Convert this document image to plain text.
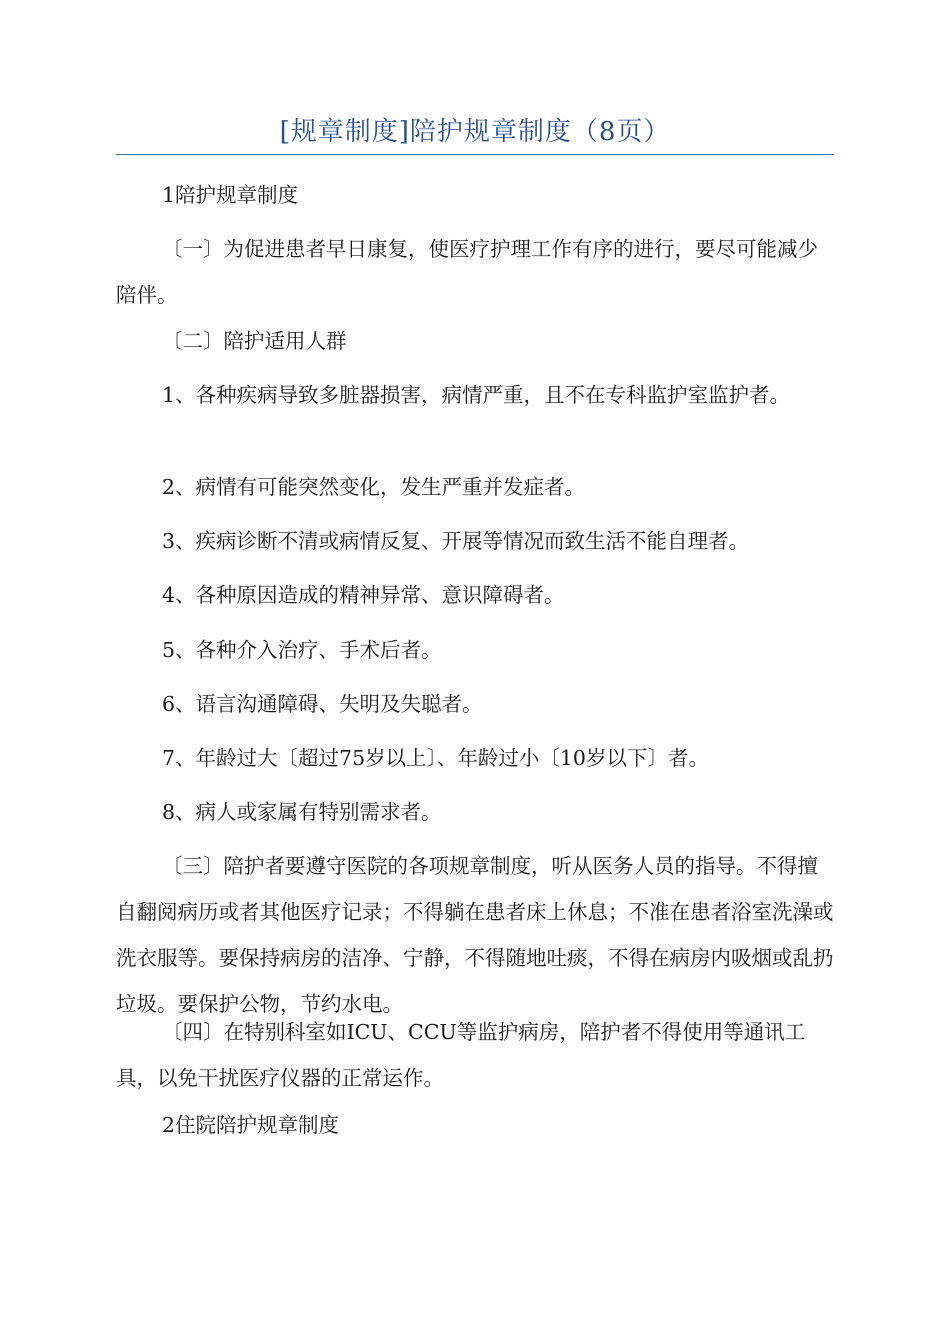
[规章制度]陪护规章制度（8页）

1陪护规章制度

〔一〕为促进患者早日康复，使医疗护理工作有序的进行，要尽可能减少陪伴。

〔二〕陪护适用人群

1、各种疾病导致多脏器损害，病情严重，且不在专科监护室监护者。

2、病情有可能突然变化，发生严重并发症者。

3、疾病诊断不清或病情反复、开展等情况而致生活不能自理者。

4、各种原因造成的精神异常、意识障碍者。

5、各种介入治疗、手术后者。

6、语言沟通障碍、失明及失聪者。

7、年龄过大〔超过75岁以上〕、年龄过小〔10岁以下〕者。

8、病人或家属有特别需求者。

〔三〕陪护者要遵守医院的各项规章制度，听从医务人员的指导。不得擅自翻阅病历或者其他医疗记录；不得躺在患者床上休息；不准在患者浴室洗澡或洗衣服等。要保持病房的洁净、宁静，不得随地吐痰，不得在病房内吸烟或乱扔垃圾。要保护公物，节约水电。

〔四〕在特别科室如ICU、CCU等监护病房，陪护者不得使用等通讯工具，以免干扰医疗仪器的正常运作。

2住院陪护规章制度
